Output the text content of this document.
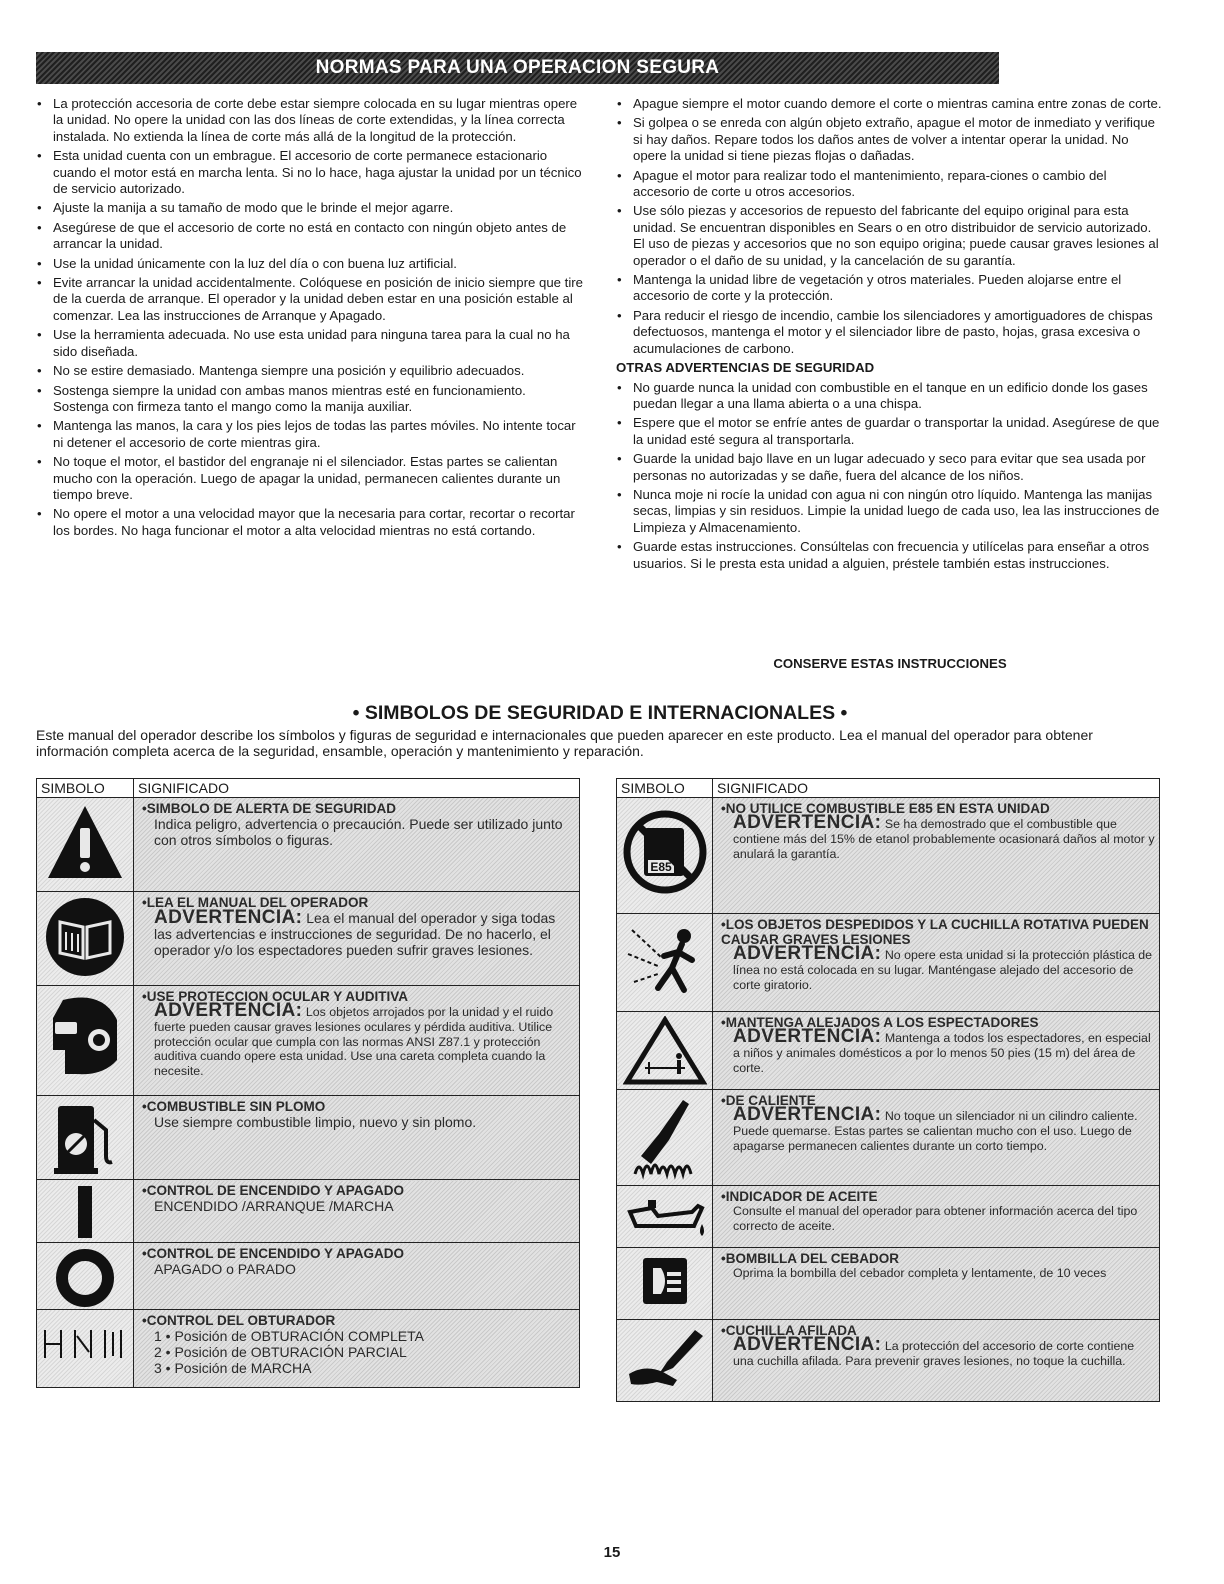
NORMAS PARA UNA OPERACION SEGURA
• La protección accesoria de corte debe estar siempre colocada en su lugar mientras opere la unidad. No opere la unidad con las dos líneas de corte extendidas, y la línea correcta instalada. No extienda la línea de corte más allá de la longitud de la protección.
• Esta unidad cuenta con un embrague. El accesorio de corte permanece estacionario cuando el motor está en marcha lenta. Si no lo hace, haga ajustar la unidad por un técnico de servicio autorizado.
• Ajuste la manija a su tamaño de modo que le brinde el mejor agarre.
• Asegúrese de que el accesorio de corte no está en contacto con ningún objeto antes de arrancar la unidad.
• Use la unidad únicamente con la luz del día o con buena luz artificial.
• Evite arrancar la unidad accidentalmente. Colóquese en posición de inicio siempre que tire de la cuerda de arranque. El operador y la unidad deben estar en una posición estable al comenzar. Lea las instrucciones de Arranque y Apagado.
• Use la herramienta adecuada. No use esta unidad para ninguna tarea para la cual no ha sido diseñada.
• No se estire demasiado. Mantenga siempre una posición y equilibrio adecuados.
• Sostenga siempre la unidad con ambas manos mientras esté en funcionamiento. Sostenga con firmeza tanto el mango como la manija auxiliar.
• Mantenga las manos, la cara y los pies lejos de todas las partes móviles. No intente tocar ni detener el accesorio de corte mientras gira.
• No toque el motor, el bastidor del engranaje ni el silenciador. Estas partes se calientan mucho con la operación. Luego de apagar la unidad, permanecen calientes durante un tiempo breve.
• No opere el motor a una velocidad mayor que la necesaria para cortar, recortar o recortar los bordes. No haga funcionar el motor a alta velocidad mientras no está cortando.
• Apague siempre el motor cuando demore el corte o mientras camina entre zonas de corte.
• Si golpea o se enreda con algún objeto extraño, apague el motor de inmediato y verifique si hay daños. Repare todos los daños antes de volver a intentar operar la unidad. No opere la unidad si tiene piezas flojas o dañadas.
• Apague el motor para realizar todo el mantenimiento, repara-ciones o cambio del accesorio de corte u otros accesorios.
• Use sólo piezas y accesorios de repuesto del fabricante del equipo original para esta unidad. Se encuentran disponibles en Sears o en otro distribuidor de servicio autorizado. El uso de piezas y accesorios que no son equipo origina; puede causar graves lesiones al operador o el daño de su unidad, y la cancelación de su garantía.
• Mantenga la unidad libre de vegetación y otros materiales. Pueden alojarse entre el accesorio de corte y la protección.
• Para reducir el riesgo de incendio, cambie los silenciadores y amortiguadores de chispas defectuosos, mantenga el motor y el silenciador libre de pasto, hojas, grasa excesiva o acumulaciones de carbono.
OTRAS ADVERTENCIAS DE SEGURIDAD
• No guarde nunca la unidad con combustible en el tanque en un edificio donde los gases puedan llegar a una llama abierta o a una chispa.
• Espere que el motor se enfríe antes de guardar o transportar la unidad. Asegúrese de que la unidad esté segura al transportarla.
• Guarde la unidad bajo llave en un lugar adecuado y seco para evitar que sea usada por personas no autorizadas y se dañe, fuera del alcance de los niños.
• Nunca moje ni rocíe la unidad con agua ni con ningún otro líquido. Mantenga las manijas secas, limpias y sin residuos. Limpie la unidad luego de cada uso, lea las instrucciones de Limpieza y Almacenamiento.
• Guarde estas instrucciones. Consúltelas con frecuencia y utilícelas para enseñar a otros usuarios. Si le presta esta unidad a alguien, préstele también estas instrucciones.
CONSERVE ESTAS INSTRUCCIONES
• SIMBOLOS DE SEGURIDAD E INTERNACIONALES •
Este manual del operador describe los símbolos y figuras de seguridad e internacionales que pueden aparecer en este producto. Lea el manual del operador para obtener información completa acerca de la seguridad, ensamble, operación y mantenimiento y reparación.
SIMBOLO	SIGNIFICADO

• SIMBOLO DE ALERTA DE SEGURIDAD
Indica peligro, advertencia o precaución. Puede ser utilizado junto con otros símbolos o figuras.

• LEA EL MANUAL DEL OPERADOR
ADVERTENCIA: Lea el manual del operador y siga todas las advertencias e instrucciones de seguridad. De no hacerlo, el operador y/o los espectadores pueden sufrir graves lesiones.

• USE PROTECCION OCULAR Y AUDITIVA
ADVERTENCIA: Los objetos arrojados por la unidad y el ruido fuerte pueden causar graves lesiones oculares y pérdida auditiva. Utilice protección ocular que cumpla con las normas ANSI Z87.1 y protección auditiva cuando opere esta unidad. Use una careta completa cuando la necesite.

• COMBUSTIBLE SIN PLOMO
Use siempre combustible limpio, nuevo y sin plomo.

• CONTROL DE ENCENDIDO Y APAGADO
ENCENDIDO /ARRANQUE /MARCHA

• CONTROL DE ENCENDIDO Y APAGADO
APAGADO o PARADO

• CONTROL DEL OBTURADOR
1 • Posición de OBTURACIÓN COMPLETA
2 • Posición de OBTURACIÓN PARCIAL
3 • Posición de MARCHA
SIMBOLO	SIGNIFICADO

E85	• NO UTILICE COMBUSTIBLE E85 EN ESTA UNIDAD
ADVERTENCIA: Se ha demostrado que el combustible que contiene más del 15% de etanol probablemente ocasionará daños al motor y anulará la garantía.

• LOS OBJETOS DESPEDIDOS Y LA CUCHILLA ROTATIVA PUEDEN CAUSAR GRAVES LESIONES
ADVERTENCIA: No opere esta unidad si la protección plástica de línea no está colocada en su lugar. Manténgase alejado del accesorio de corte giratorio.

• MANTENGA ALEJADOS A LOS ESPECTADORES
ADVERTENCIA: Mantenga a todos los espectadores, en especial a niños y animales domésticos a por lo menos 50 pies (15 m) del área de corte.

• DE CALIENTE
ADVERTENCIA: No toque un silenciador ni un cilindro caliente. Puede quemarse. Estas partes se calientan mucho con el uso. Luego de apagarse permanecen calientes durante un corto tiempo.

• INDICADOR DE ACEITE
Consulte el manual del operador para obtener información acerca del tipo correcto de aceite.

• BOMBILLA DEL CEBADOR
Oprima la bombilla del cebador completa y lentamente, de 10 veces

• CUCHILLA AFILADA
ADVERTENCIA: La protección del accesorio de corte contiene una cuchilla afilada. Para prevenir graves lesiones, no toque la cuchilla.
15
